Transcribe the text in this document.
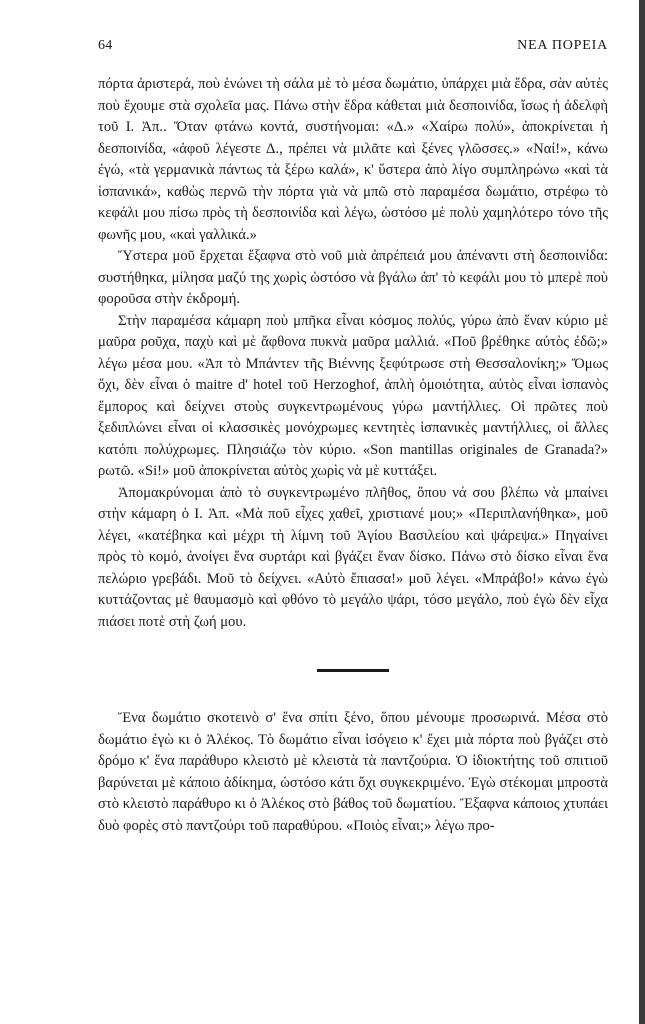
64	ΝΕΑ ΠΟΡΕΙΑ

πόρτα ἀριστερά, ποὺ ἑνώνει τὴ σάλα μὲ τὸ μέσα δωμάτιο, ὑπάρχει μιὰ ἕδρα, σὰν αὐτὲς ποὺ ἔχουμε στὰ σχολεῖα μας. Πάνω στὴν ἕδρα κάθεται μιὰ δεσποινίδα, ἴσως ἡ ἀδελφὴ τοῦ Ι. Ἀπ.. Ὅταν φτάνω κοντά, συστήνομαι: «Δ.» «Χαίρω πολύ», ἀποκρίνεται ἡ δεσποινίδα, «ἀφοῦ λέγεστε Δ., πρέπει νὰ μιλᾶτε καὶ ξένες γλῶσσες.» «Ναί!», κάνω ἐγώ, «τὰ γερμανικὰ πάντως τὰ ξέρω καλά», κ' ὕστερα ἀπὸ λίγο συμπληρώνω «καὶ τὰ ἱσπανικά», καθὼς περνῶ τὴν πόρτα γιὰ νὰ μπῶ στὸ παραμέσα δωμάτιο, στρέφω τὸ κεφάλι μου πίσω πρὸς τὴ δεσποινίδα καὶ λέγω, ὡστόσο μὲ πολὺ χαμηλότερο τόνο τῆς φωνῆς μου, «καὶ γαλλικά.»

Ὕστερα μοῦ ἔρχεται ἔξαφνα στὸ νοῦ μιὰ ἀπρέπειά μου ἀπέναντι στὴ δεσποινίδα: συστήθηκα, μίλησα μαζύ της χωρὶς ὡστόσο νὰ βγάλω ἀπ' τὸ κεφάλι μου τὸ μπερὲ ποὺ φοροῦσα στὴν ἐκδρομή.

Στὴν παραμέσα κάμαρη ποὺ μπῆκα εἶναι κόσμος πολύς, γύρω ἀπὸ ἕναν κύριο μὲ μαῦρα ροῦχα, παχὺ καὶ μὲ ἄφθονα πυκνὰ μαῦρα μαλλιά. «Ποῦ βρέθηκε αὐτὸς ἐδῶ;» λέγω μέσα μου. «Ἀπ τὸ Μπάντεν τῆς Βιέννης ξεφύτρωσε στὴ Θεσσαλονίκη;» Ὄμως ὄχι, δὲν εἶναι ὁ maitre d' hotel τοῦ Herzoghof, ἁπλὴ ὁμοιότητα, αὐτὸς εἶναι ἱσπανὸς ἔμπορος καὶ δείχνει στοὺς συγκεντρωμένους γύρω μαντήλλιες. Οἱ πρῶτες ποὺ ξεδιπλώνει εἶναι οἱ κλασσικὲς μονόχρωμες κεντητὲς ἱσπανικὲς μαντήλλιες, οἱ ἄλλες κατόπι πολύχρωμες. Πλησιάζω τὸν κύριο. «Son mantillas originales de Granada?» ρωτῶ. «Si!» μοῦ ἀποκρίνεται αὐτὸς χωρὶς νὰ μὲ κυττάξει.

Ἀπομακρύνομαι ἀπὸ τὸ συγκεντρωμένο πλῆθος, ὅπου νά σου βλέπω νὰ μπαίνει στὴν κάμαρη ὁ Ι. Ἀπ. «Μὰ ποῦ εἶχες χαθεῖ, χριστιανέ μου;» «Περιπλανήθηκα», μοῦ λέγει, «κατέβηκα καὶ μέχρι τὴ λίμνη τοῦ Ἁγίου Βασιλείου καὶ ψάρεψα.» Πηγαίνει πρὸς τὸ κομό, ἀνοίγει ἕνα συρτάρι καὶ βγάζει ἕναν δίσκο. Πάνω στὸ δίσκο εἶναι ἕνα πελώριο γρεβάδι. Μοῦ τὸ δείχνει. «Αὐτὸ ἔπιασα!» μοῦ λέγει. «Μπράβο!» κάνω ἐγὼ κυττάζοντας μὲ θαυμασμὸ καὶ φθόνο τὸ μεγάλο ψάρι, τόσο μεγάλο, ποὺ ἐγὼ δὲν εἶχα πιάσει ποτὲ στὴ ζωή μου.

Ἕνα δωμάτιο σκοτεινὸ σ' ἕνα σπίτι ξένο, ὅπου μένουμε προσωρινά. Μέσα στὸ δωμάτιο ἐγὼ κι ὁ Ἀλέκος. Τὸ δωμάτιο εἶναι ἰσόγειο κ' ἔχει μιὰ πόρτα ποὺ βγάζει στὸ δρόμο κ' ἕνα παράθυρο κλειστὸ μὲ κλειστὰ τὰ παντζούρια. Ὁ ἰδιοκτήτης τοῦ σπιτιοῦ βαρύνεται μὲ κάποιο ἀδίκημα, ὡστόσο κάτι ὄχι συγκεκριμένο. Ἐγὼ στέκομαι μπροστὰ στὸ κλειστὸ παράθυρο κι ὁ Ἀλέκος στὸ βάθος τοῦ δωματίου. Ἔξαφνα κάποιος χτυπάει δυὸ φορὲς στὸ παντζούρι τοῦ παραθύρου. «Ποιὸς εἶναι;» λέγω προ-
